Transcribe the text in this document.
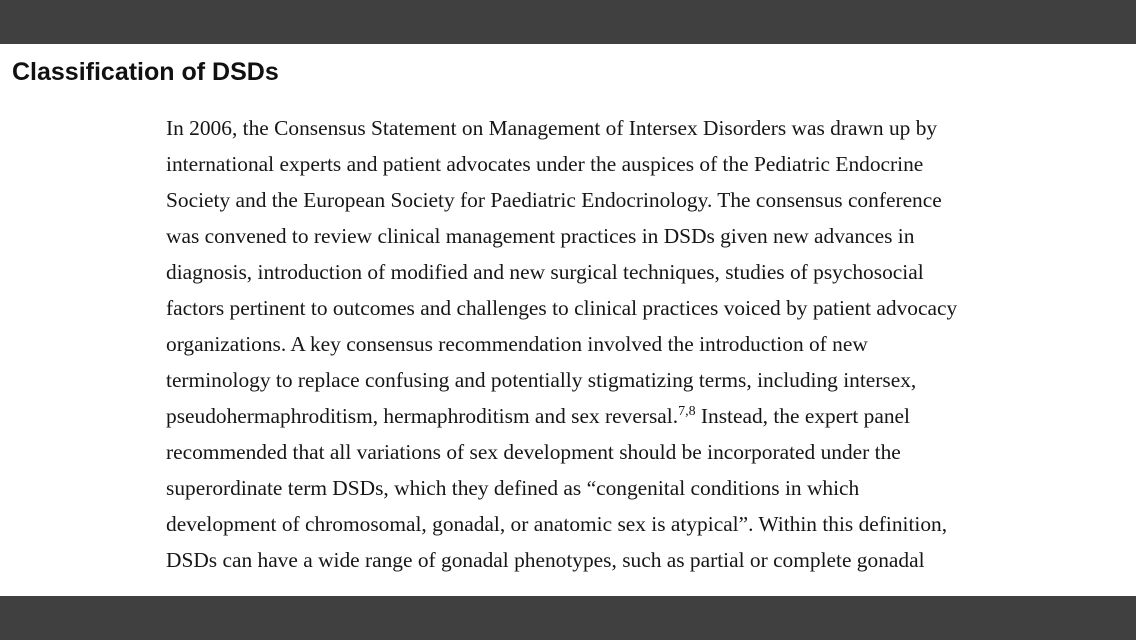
Classification of DSDs
In 2006, the Consensus Statement on Management of Intersex Disorders was drawn up by
international experts and patient advocates under the auspices of the Pediatric Endocrine
Society and the European Society for Paediatric Endocrinology. The consensus conference
was convened to review clinical management practices in DSDs given new advances in
diagnosis, introduction of modified and new surgical techniques, studies of psychosocial
factors pertinent to outcomes and challenges to clinical practices voiced by patient advocacy
organizations. A key consensus recommendation involved the introduction of new
terminology to replace confusing and potentially stigmatizing terms, including intersex,
pseudohermaphroditism, hermaphroditism and sex reversal.$^{7,8}$ Instead, the expert panel
recommended that all variations of sex development should be incorporated under the
superordinate term DSDs, which they defined as “congenital conditions in which
development of chromosomal, gonadal, or anatomic sex is atypical”. Within this definition,
DSDs can have a wide range of gonadal phenotypes, such as partial or complete gonadal
